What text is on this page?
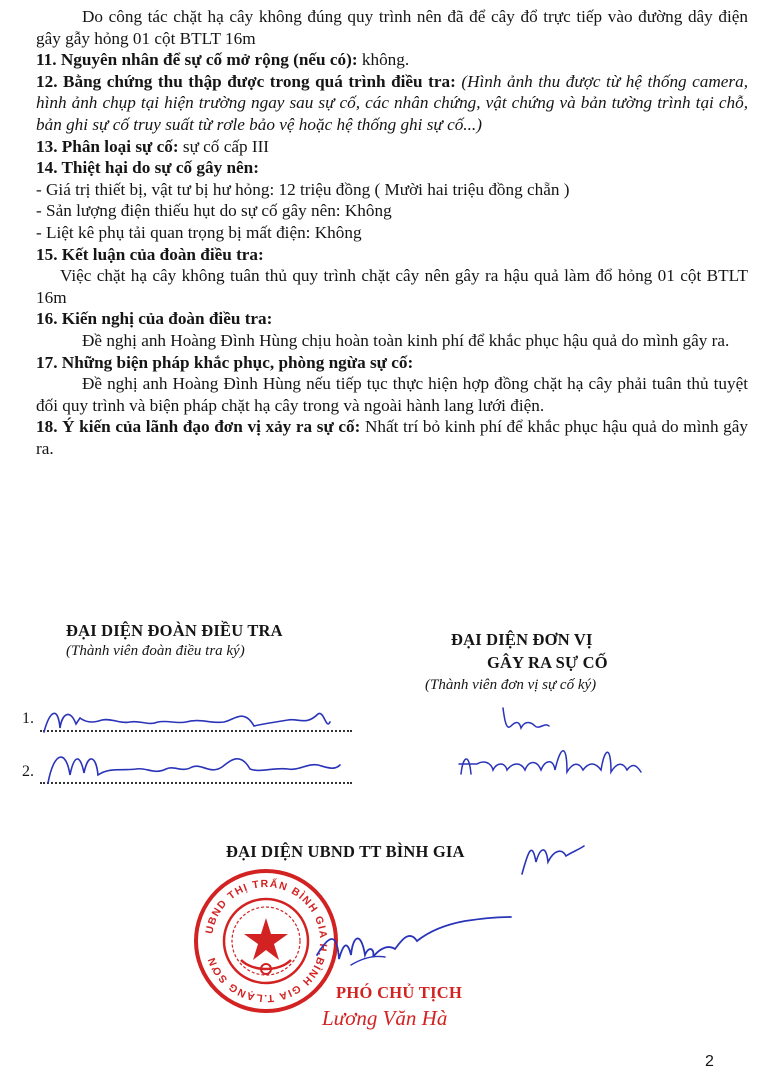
Do công tác chặt hạ cây không đúng quy trình nên đã để cây đổ trực tiếp vào đường dây điện gây gẫy hỏng 01 cột BTLT 16m

11. Nguyên nhân để sự cố mở rộng (nếu có): không.

12. Bằng chứng thu thập được trong quá trình điều tra: (Hình ảnh thu được từ hệ thống camera, hình ảnh chụp tại hiện trường ngay sau sự cố, các nhân chứng, vật chứng và bản tường trình tại chỗ, bản ghi sự cố truy suất từ rơle bảo vệ hoặc hệ thống ghi sự cố...)

13. Phân loại sự cố: sự cố cấp III

14. Thiệt hại do sự cố gây nên:

- Giá trị thiết bị, vật tư bị hư hỏng: 12 triệu đồng ( Mười hai triệu đồng chẵn )

- Sản lượng điện thiếu hụt do sự cố gây nên: Không

- Liệt kê phụ tải quan trọng bị mất điện: Không

15. Kết luận của đoàn điều tra:

Việc chặt hạ cây không tuân thủ quy trình chặt cây nên gây ra hậu quả làm đổ hỏng 01 cột BTLT 16m

16. Kiến nghị của đoàn điều tra:

Đề nghị anh Hoàng Đình Hùng chịu hoàn toàn kinh phí để khắc phục hậu quả do mình gây ra.

17. Những biện pháp khắc phục, phòng ngừa sự cố:

Đề nghị anh Hoàng Đình Hùng nếu tiếp tục thực hiện hợp đồng chặt hạ cây phải tuân thủ tuyệt đối quy trình và biện pháp chặt hạ cây trong và ngoài hành lang lưới điện.

18. Ý kiến của lãnh đạo đơn vị xảy ra sự cố: Nhất trí bỏ kinh phí để khắc phục hậu quả do mình gây ra.

ĐẠI DIỆN ĐOÀN ĐIỀU TRA
(Thành viên đoàn điều tra ký)
ĐẠI DIỆN ĐƠN VỊ
GÂY RA SỰ CỐ
(Thành viên đơn vị sự cố ký)
1.
2.
ĐẠI DIỆN UBND TT BÌNH GIA
UBND THỊ TRẤN BÌNH GIA H.BÌNH GIA T.LẠNG SƠN
PHÓ CHỦ TỊCH
Lương Văn Hà
2
